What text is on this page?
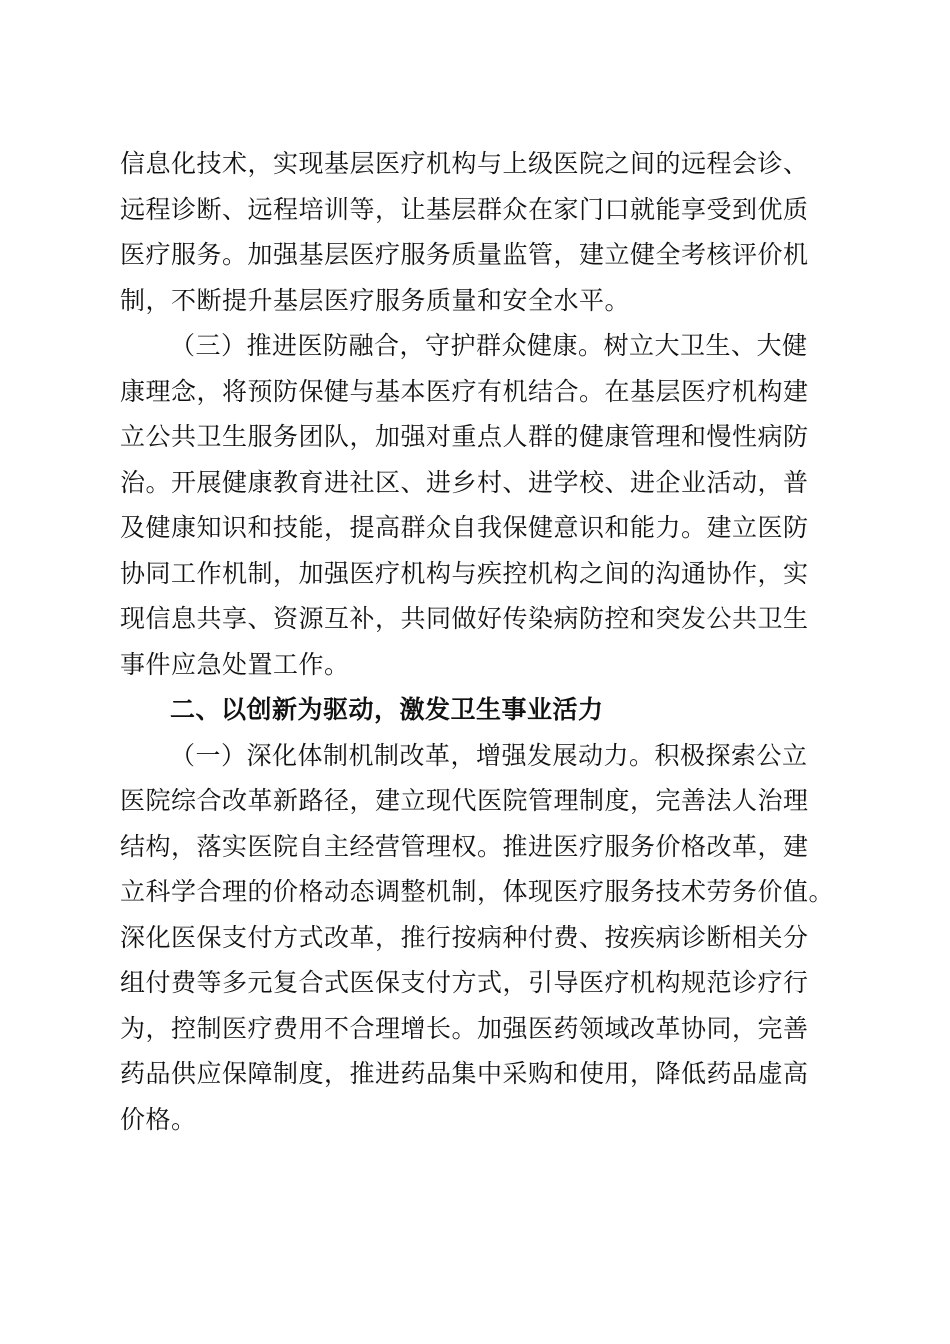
信息化技术，实现基层医疗机构与上级医院之间的远程会诊、
远程诊断、远程培训等，让基层群众在家门口就能享受到优质
医疗服务。加强基层医疗服务质量监管，建立健全考核评价机
制，不断提升基层医疗服务质量和安全水平。
（三）推进医防融合，守护群众健康。树立大卫生、大健
康理念，将预防保健与基本医疗有机结合。在基层医疗机构建
立公共卫生服务团队，加强对重点人群的健康管理和慢性病防
治。开展健康教育进社区、进乡村、进学校、进企业活动，普
及健康知识和技能，提高群众自我保健意识和能力。建立医防
协同工作机制，加强医疗机构与疾控机构之间的沟通协作，实
现信息共享、资源互补，共同做好传染病防控和突发公共卫生
事件应急处置工作。
二、以创新为驱动，激发卫生事业活力
（一）深化体制机制改革，增强发展动力。积极探索公立
医院综合改革新路径，建立现代医院管理制度，完善法人治理
结构，落实医院自主经营管理权。推进医疗服务价格改革，建
立科学合理的价格动态调整机制，体现医疗服务技术劳务价值。
深化医保支付方式改革，推行按病种付费、按疾病诊断相关分
组付费等多元复合式医保支付方式，引导医疗机构规范诊疗行
为，控制医疗费用不合理增长。加强医药领域改革协同，完善
药品供应保障制度，推进药品集中采购和使用，降低药品虚高
价格。
